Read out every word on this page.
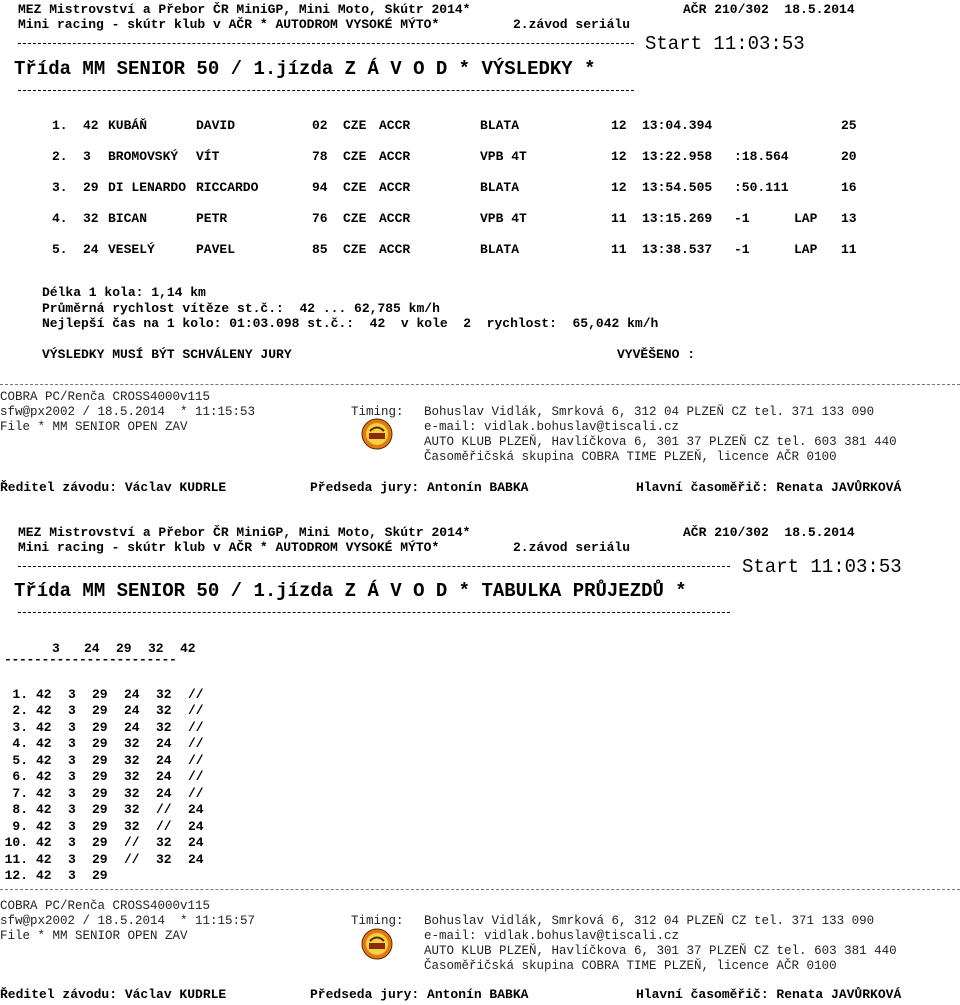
MEZ Mistrovství a Přebor ČR MiniGP, Mini Moto, Skútr 2014*	AČR 210/302  18.5.2014
Mini racing - skútr klub v AČR * AUTODROM VYSOKÉ MÝTO*	2.závod seriálu
Start 11:03:53
Třída MM SENIOR 50 / 1.jízda Z Á V O D * VÝSLEDKY *
1.	42	KUBÁŇ	DAVID	02	CZE	ACCR	BLATA	12	13:04.394			25
2.	3	BROMOVSKÝ	VÍT	78	CZE	ACCR	VPB 4T	12	13:22.958	:18.564		20
3.	29	DI LENARDO	RICCARDO	94	CZE	ACCR	BLATA	12	13:54.505	:50.111		16
4.	32	BICAN	PETR	76	CZE	ACCR	VPB 4T	11	13:15.269	-1	LAP	13
5.	24	VESELÝ	PAVEL	85	CZE	ACCR	BLATA	11	13:38.537	-1	LAP	11
Délka 1 kola: 1,14 km
Průměrná rychlost vítěze st.č.:  42 ... 62,785 km/h
Nejlepší čas na 1 kolo: 01:03.098 st.č.:  42  v kole  2  rychlost:  65,042 km/h
VÝSLEDKY MUSÍ BÝT SCHVÁLENY JURY	VYVĚŠENO :
COBRA PC/Renča CROSS4000v115
sfw@px2002 / 18.5.2014  * 11:15:53
File * MM SENIOR OPEN ZAV
Timing: Bohuslav Vidlák, Smrková 6, 312 04 PLZEŇ CZ tel. 371 133 090
e-mail: vidlak.bohuslav@tiscali.cz
AUTO KLUB PLZEŇ, Havlíčkova 6, 301 37 PLZEŇ CZ tel. 603 381 440
Časoměřičská skupina COBRA TIME PLZEŇ, licence AČR 0100
Ředitel závodu: Václav KUDRLE	Předseda jury: Antonín BABKA	Hlavní časoměřič: Renata JAVŮRKOVÁ
MEZ Mistrovství a Přebor ČR MiniGP, Mini Moto, Skútr 2014*	AČR 210/302  18.5.2014
Mini racing - skútr klub v AČR * AUTODROM VYSOKÉ MÝTO*	2.závod seriálu
Start 11:03:53
Třída MM SENIOR 50 / 1.jízda Z Á V O D * TABULKA PRŮJEZDŮ *
3	24	29	32	42
-----------------------
1.	42	3	29	24	32	//
2.	42	3	29	24	32	//
3.	42	3	29	24	32	//
4.	42	3	29	32	24	//
5.	42	3	29	32	24	//
6.	42	3	29	32	24	//
7.	42	3	29	32	24	//
8.	42	3	29	32	//	24
9.	42	3	29	32	//	24
10.	42	3	29	//	32	24
11.	42	3	29	//	32	24
12.	42	3	29			
COBRA PC/Renča CROSS4000v115
sfw@px2002 / 18.5.2014  * 11:15:57
File * MM SENIOR OPEN ZAV
Timing: Bohuslav Vidlák, Smrková 6, 312 04 PLZEŇ CZ tel. 371 133 090
e-mail: vidlak.bohuslav@tiscali.cz
AUTO KLUB PLZEŇ, Havlíčkova 6, 301 37 PLZEŇ CZ tel. 603 381 440
Časoměřičská skupina COBRA TIME PLZEŇ, licence AČR 0100
Ředitel závodu: Václav KUDRLE	Předseda jury: Antonín BABKA	Hlavní časoměřič: Renata JAVŮRKOVÁ
